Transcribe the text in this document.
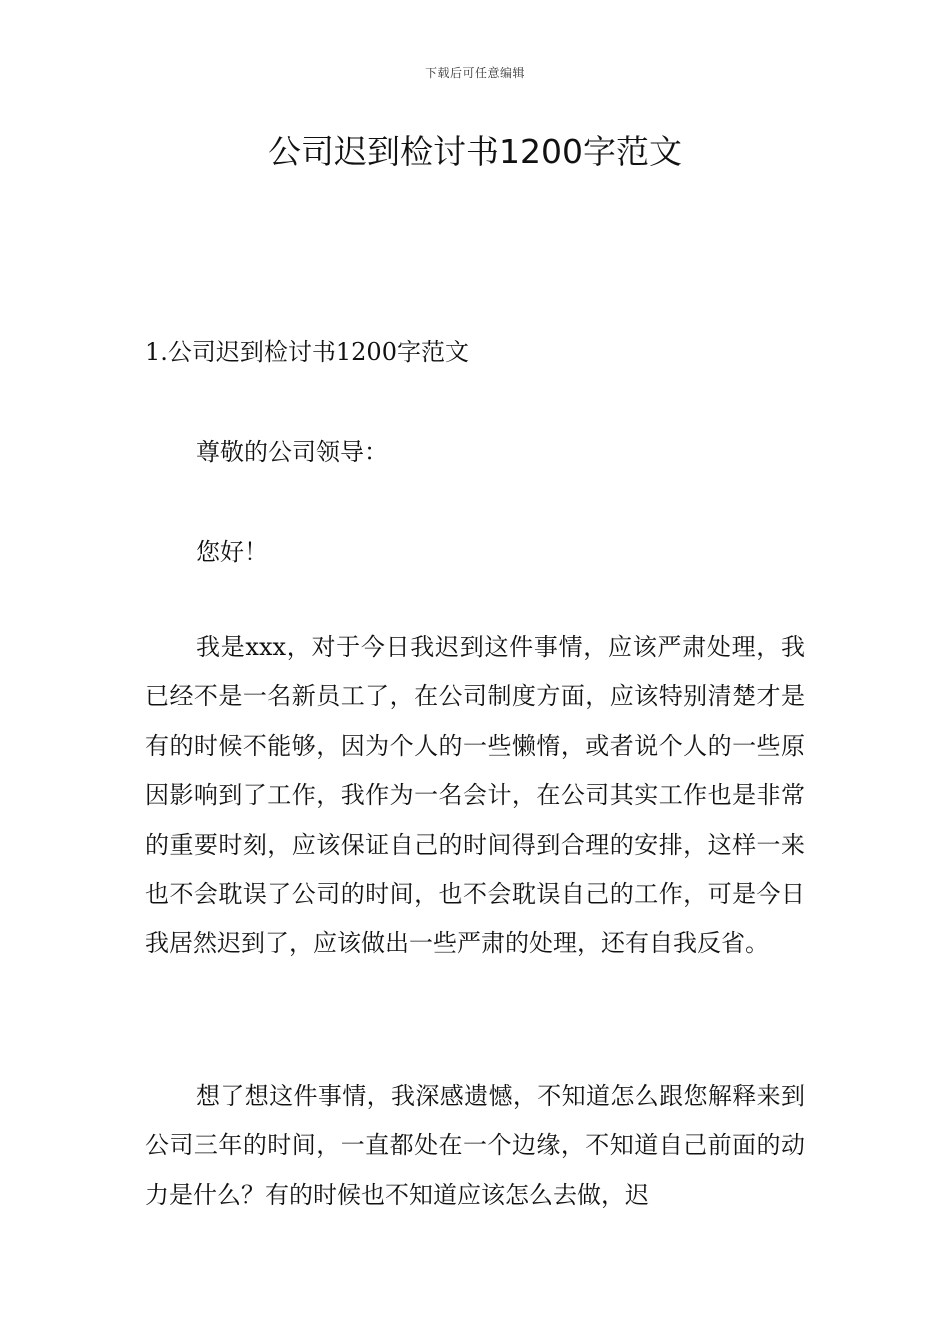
下载后可任意编辑
公司迟到检讨书1200字范文
1.公司迟到检讨书1200字范文

尊敬的公司领导：

您好！

我是xxx，对于今日我迟到这件事情，应该严肃处理，我已经不是一名新员工了，在公司制度方面，应该特别清楚才是有的时候不能够，因为个人的一些懒惰，或者说个人的一些原因影响到了工作，我作为一名会计，在公司其实工作也是非常的重要时刻，应该保证自己的时间得到合理的安排，这样一来也不会耽误了公司的时间，也不会耽误自己的工作，可是今日我居然迟到了，应该做出一些严肃的处理，还有自我反省。

想了想这件事情，我深感遗憾，不知道怎么跟您解释来到公司三年的时间，一直都处在一个边缘，不知道自己前面的动力是什么？有的时候也不知道应该怎么去做，迟
